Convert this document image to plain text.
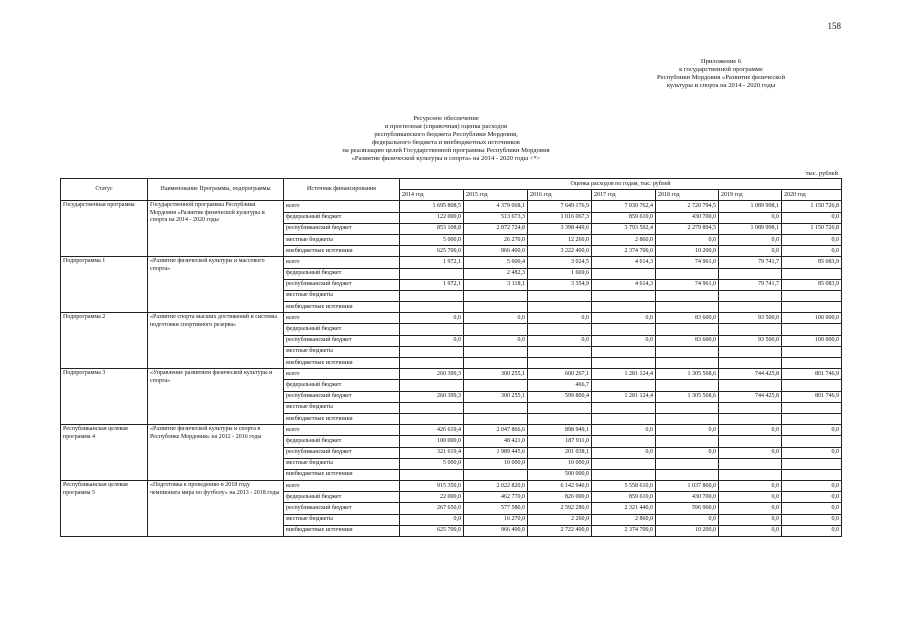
158
Приложение 6
к государственной программе
Республики Мордовия «Развитие физической
культуры и спорта на 2014 - 2020 годы
Ресурсное обеспечение
и прогнозная (справочная) оценка расходов
республиканского бюджета Республики Мордовия,
федерального бюджета и внебюджетных источников
на реализацию целей Государственной программы Республики Мордовия
«Развитие физической культуры и спорта» на 2014 - 2020 годы <*>
тыс. рублей
Статус	Наименование Программы, подпрограммы	Источник финансирования	Оценка расходов по годам, тыс. рублей						
			2014 год	2015 год	2016 год	2017 год	2018 год	2019 год	2020 год
Государственная программа	Государственной программы Республики Мордовия «Развитие физической культуры и спорта на 2014 - 2020 годы	всего	1 695 808,5	4 379 068,1	7 649 176,9	7 030 762,4	2 720 794,5	1 089 998,1	1 150 726,8
		федеральный бюджет	122 000,0	513 673,3	1 016 067,3	859 610,0	430 700,0	0,0	0,0
		республиканский бюджет	853 108,8	2 872 724,8	3 398 449,6	3 793 592,4	2 279 894,5	1 089 998,1	1 150 726,8
		местные бюджеты	5 000,0	26 270,0	12 260,0	2 860,0	0,0	0,0	0,0
		внебюджетные источники	625 700,0	966 400,0	3 222 400,0	2 374 700,0	10 200,0	0,0	0,0
Подпрограмма 1	«Развитие физической культуры и массового спорта»	всего	1 972,1	5 600,4	3 024,5	4 614,3	74 961,0	79 741,7	85 083,9
		федеральный бюджет		2 482,3	1 669,6				
		республиканский бюджет	1 972,1	3 118,1	3 354,9	4 614,3	74 961,0	79 741,7	85 083,9
		местные бюджеты							
		внебюджетные источники							
Подпрограмма 2	«Развитие спорта высших достижений и системы подготовки спортивного резерва»	всего	0,0	0,0	0,0	0,0	83 600,0	93 500,0	100 000,0
		федеральный бюджет							
		республиканский бюджет	0,0	0,0	0,0	0,0	83 600,0	93 500,0	100 000,0
		местные бюджеты							
		внебюджетные источники							
Подпрограмма 3	«Управление развитием физической культуры и спорта»	всего	260 399,3	300 255,1	600 267,1	1 281 124,4	1 305 568,6	744 425,8	801 746,9
		федеральный бюджет			466,7				
		республиканский бюджет	260 399,3	300 255,1	599 800,4	1 281 124,4	1 305 568,6	744 425,8	801 746,9
		местные бюджеты							
		внебюджетные источники							
Республиканская целевая программа 4	«Развитие физической культуры и спорта в Республике Мордовия» на 2012 - 2016 годы	всего	426 619,4	2 047 866,6	898 949,1	0,0	0,0	0,0	0,0
		федеральный бюджет	100 000,0	48 421,0	187 911,0				
		республиканский бюджет	321 619,4	1 989 445,6	201 038,1	0,0	0,0	0,0	0,0
		местные бюджеты	5 000,0	10 000,0	10 000,0				
		внебюджетные источники			500 000,0				
Республиканская целевая программа 5	«Подготовка к проведению в 2018 году чемпионата мира по футболу» на 2013 - 2018 годы	всего	915 350,0	2 022 820,0	6 142 940,0	5 558 610,0	1 037 860,0	0,0	0,0
		федеральный бюджет	22 000,0	462 770,0	826 000,0	859 610,0	430 700,0	0,0	0,0
		республиканский бюджет	267 650,0	577 580,0	2 592 280,0	2 321 440,0	596 960,0	0,0	0,0
		местные бюджеты	0,0	16 270,0	2 260,0	2 860,0	0,0	0,0	0,0
		внебюджетные источники	625 700,0	966 400,0	2 722 400,0	2 374 700,0	10 200,0	0,0	0,0
